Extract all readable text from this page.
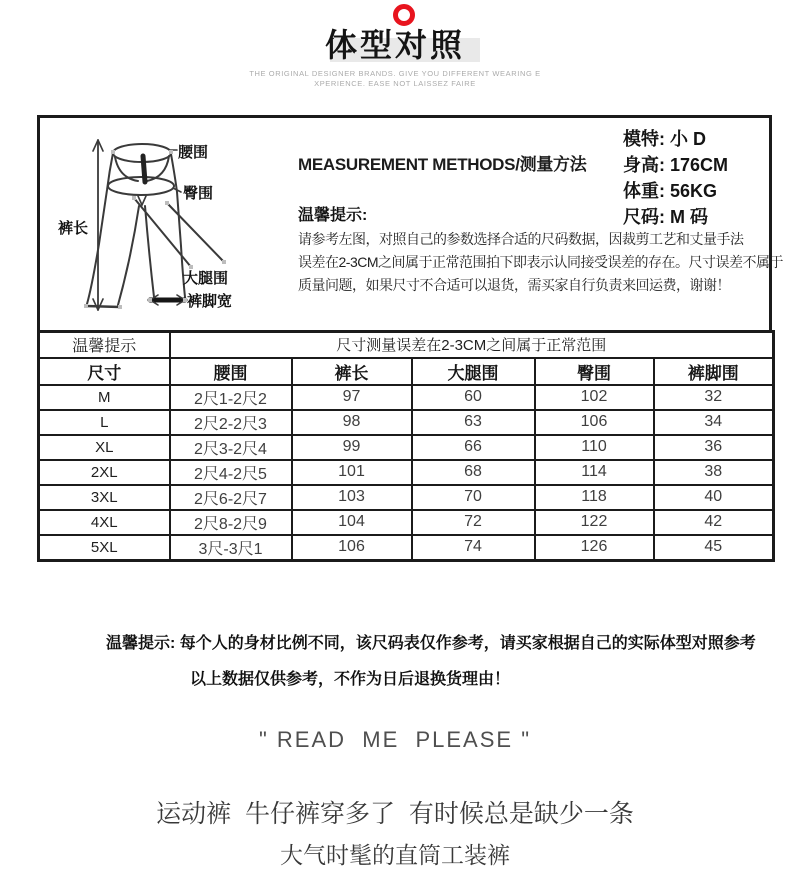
体型对照
THE ORIGINAL DESIGNER BRANDS. GIVE YOU DIFFERENT WEARING E
XPERIENCE. EASE NOT LAISSEZ FAIRE
腰围
臀围
裤长
大腿围
裤脚宽
MEASUREMENT METHODS/测量方法
温馨提示:
请参考左图，对照自己的参数选择合适的尺码数据，因裁剪工艺和丈量手法
误差在2-3CM之间属于正常范围拍下即表示认同接受误差的存在。尺寸误差不属于
质量问题，如果尺寸不合适可以退货，需买家自行负责来回运费，谢谢！
模特: 小 D
身高: 176CM
体重: 56KG
尺码: M 码
温馨提示	尺寸测量误差在2-3CM之间属于正常范围				
尺寸	腰围	裤长	大腿围	臀围	裤脚围
M	2尺1-2尺2	97	60	102	32
L	2尺2-2尺3	98	63	106	34
XL	2尺3-2尺4	99	66	110	36
2XL	2尺4-2尺5	101	68	114	38
3XL	2尺6-2尺7	103	70	118	40
4XL	2尺8-2尺9	104	72	122	42
5XL	3尺-3尺1	106	74	126	45
温馨提示: 每个人的身材比例不同，该尺码表仅作参考，请买家根据自己的实际体型对照参考
以上数据仅供参考，不作为日后退换货理由！
" READ  ME  PLEASE "
运动裤  牛仔裤穿多了  有时候总是缺少一条
大气时髦的直筒工装裤
